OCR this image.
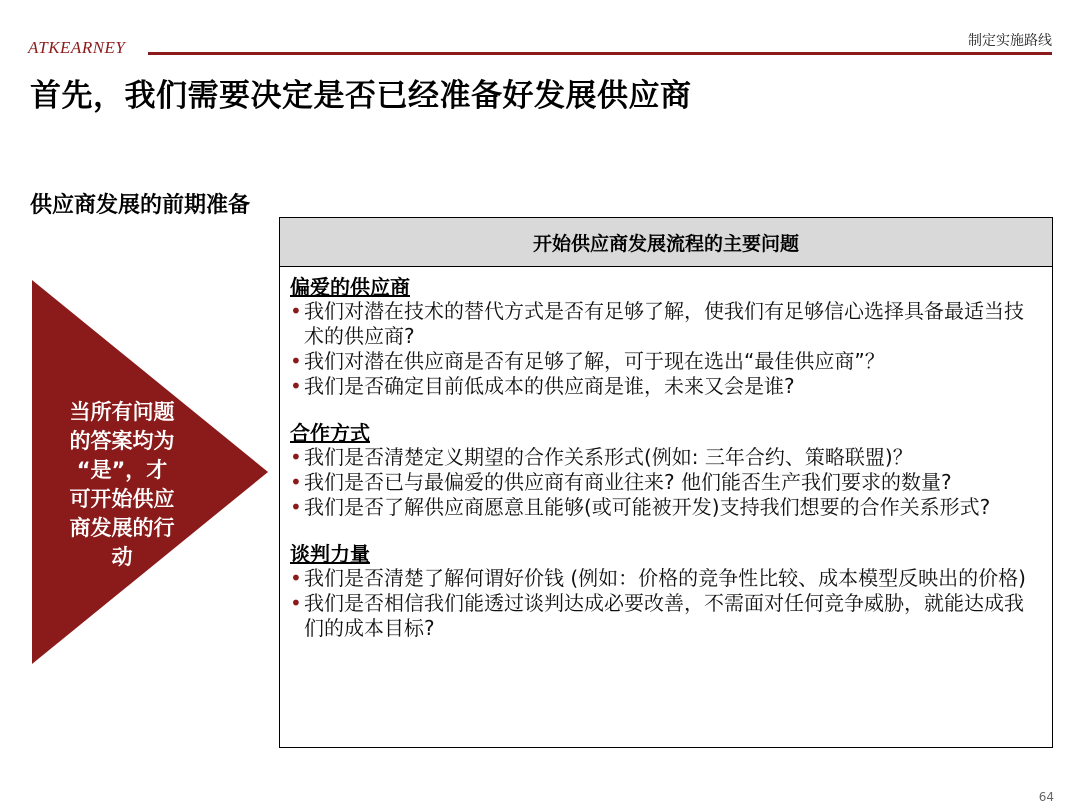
ATKEARNEY	制定实施路线
首先，我们需要决定是否已经准备好发展供应商
供应商发展的前期准备
当所有问题
的答案均为
“是”，才
可开始供应
商发展的行
动
开始供应商发展流程的主要问题
偏爱的供应商
• 我们对潜在技术的替代方式是否有足够了解，使我们有足够信心选择具备最适当技术的供应商?
• 我们对潜在供应商是否有足够了解，可于现在选出“最佳供应商”？
• 我们是否确定目前低成本的供应商是谁，未来又会是谁?
合作方式
• 我们是否清楚定义期望的合作关系形式(例如: 三年合约、策略联盟)？
• 我们是否已与最偏爱的供应商有商业往来? 他们能否生产我们要求的数量?
• 我们是否了解供应商愿意且能够(或可能被开发)支持我们想要的合作关系形式?
谈判力量
• 我们是否清楚了解何谓好价钱 (例如：价格的竞争性比较、成本模型反映出的价格)
• 我们是否相信我们能透过谈判达成必要改善，不需面对任何竞争威胁，就能达成我们的成本目标?
64
